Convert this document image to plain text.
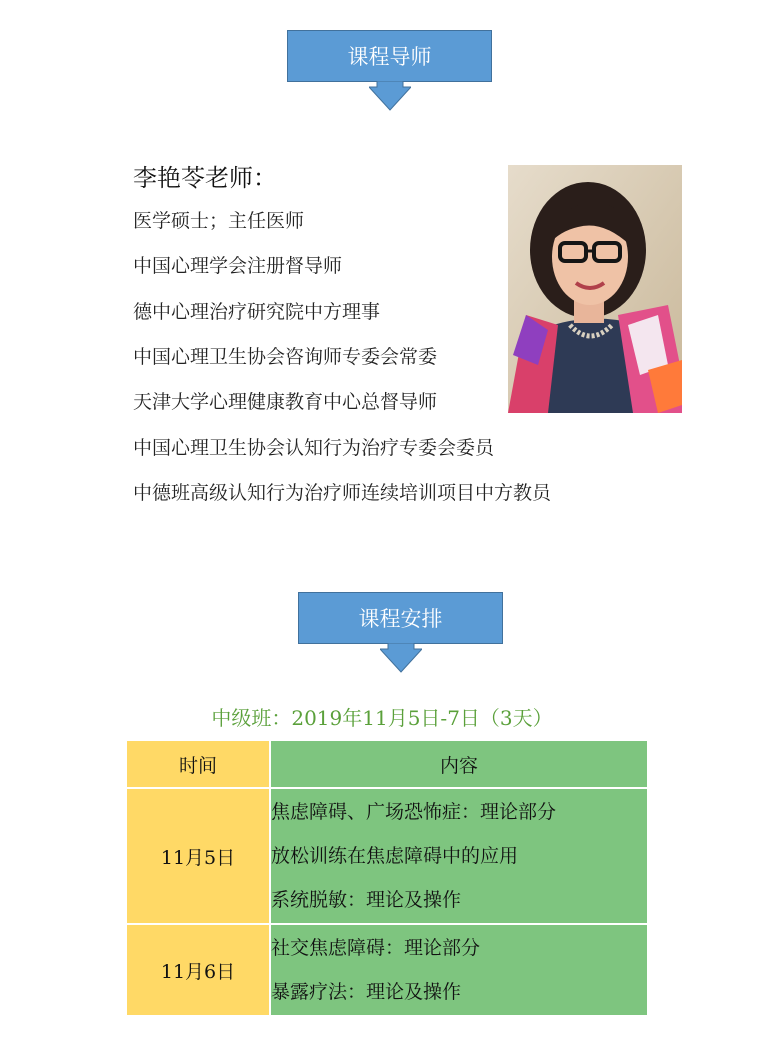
课程导师
李艳苓老师：
医学硕士；主任医师
中国心理学会注册督导师
德中心理治疗研究院中方理事
中国心理卫生协会咨询师专委会常委
天津大学心理健康教育中心总督导师
中国心理卫生协会认知行为治疗专委会委员
中德班高级认知行为治疗师连续培训项目中方教员
课程安排
中级班：2019年11月5日-7日（3天）
时间	内容
11月5日	焦虑障碍、广场恐怖症：理论部分
放松训练在焦虑障碍中的应用
系统脱敏：理论及操作

11月6日	社交焦虑障碍：理论部分
暴露疗法：理论及操作
